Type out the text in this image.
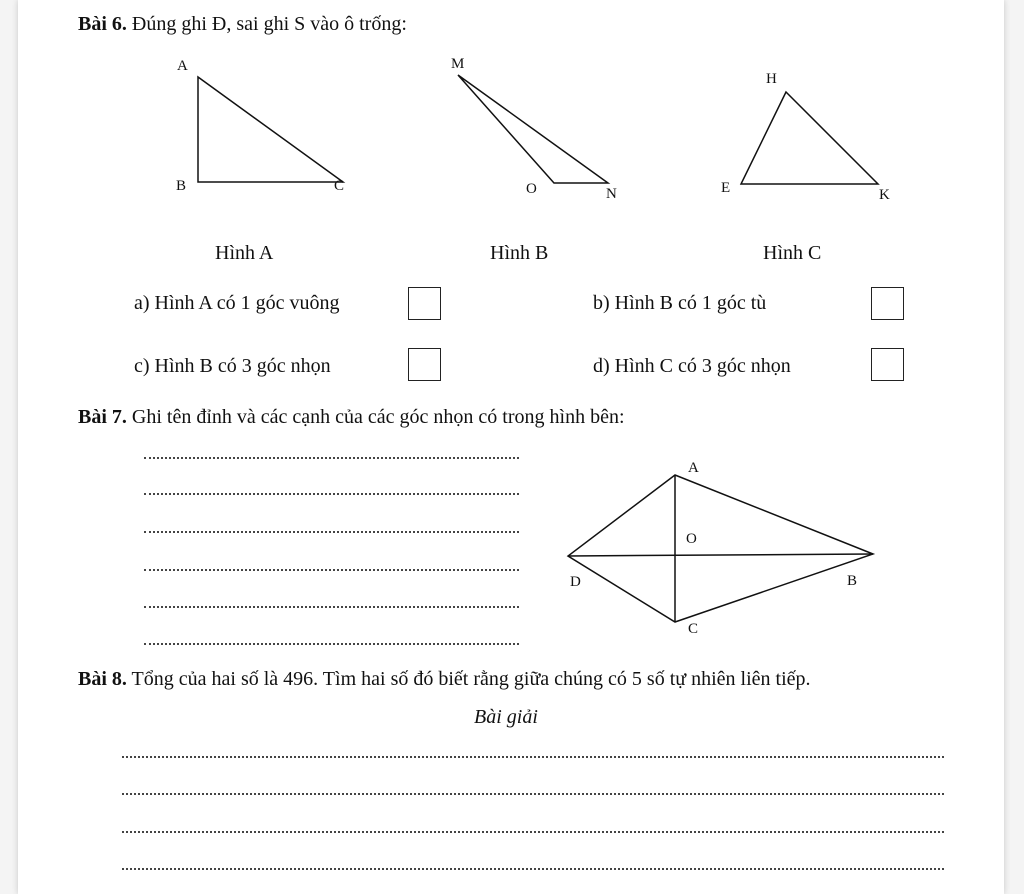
Bài 6. Đúng ghi Đ, sai ghi S vào ô trống:
A
B	C
M
O	N
H
E	K
Hình A	Hình B	Hình C
a) Hình A có 1 góc vuông	b) Hình B có 1 góc tù
c) Hình B có 3 góc nhọn	d) Hình C có 3 góc nhọn
Bài 7. Ghi tên đỉnh và các cạnh của các góc nhọn có trong hình bên:
A
O
D	B
C
Bài 8. Tổng của hai số là 496. Tìm hai số đó biết rằng giữa chúng có 5 số tự nhiên liên tiếp.
Bài giải
